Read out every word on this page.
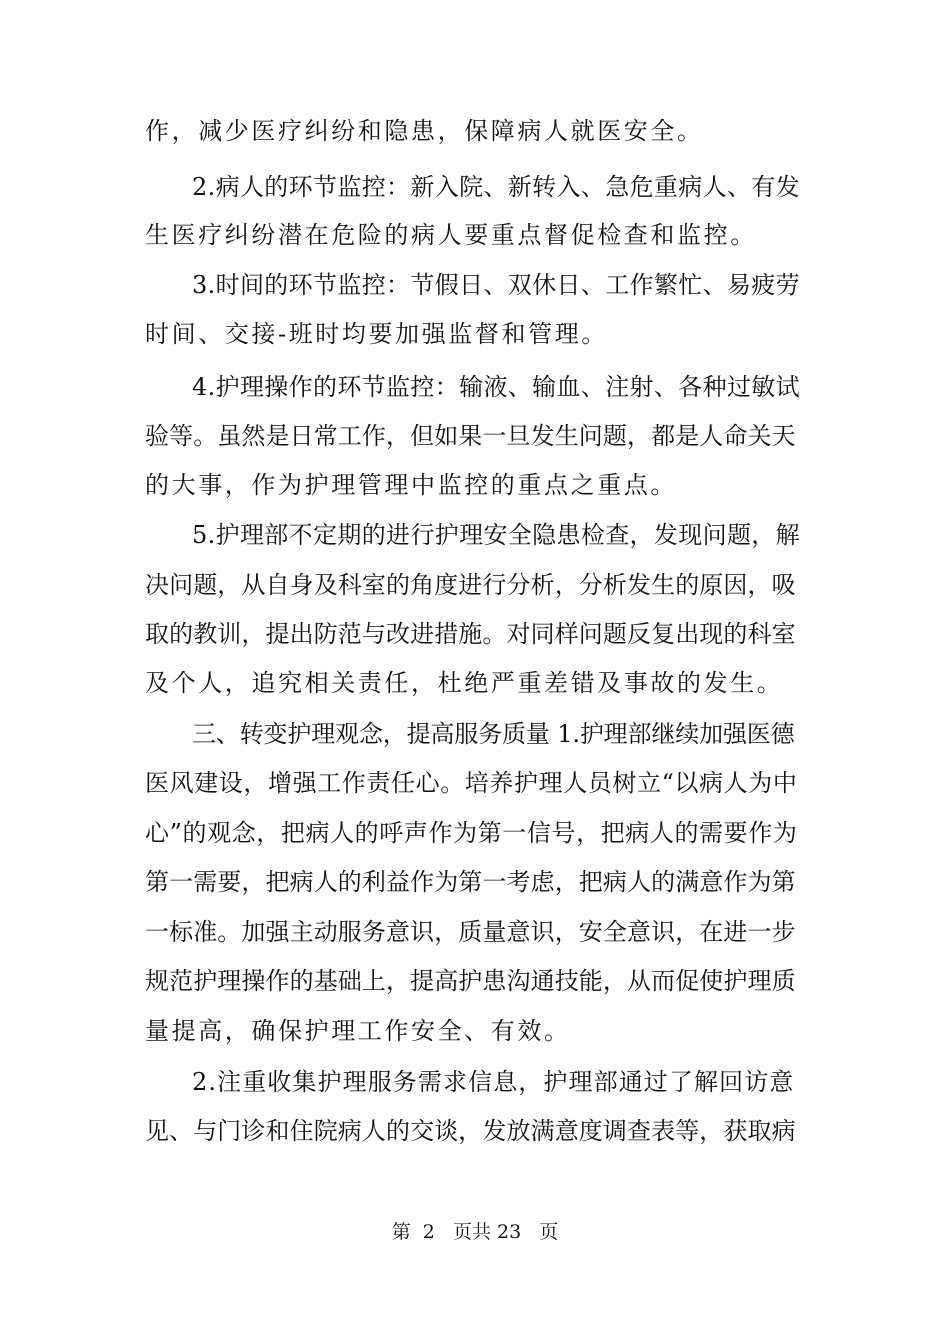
作，减少医疗纠纷和隐患，保障病人就医安全。
2.病人的环节监控：新入院、新转入、急危重病人、有发
生医疗纠纷潜在危险的病人要重点督促检查和监控。
3.时间的环节监控：节假日、双休日、工作繁忙、易疲劳
时间、交接-班时均要加强监督和管理。
4.护理操作的环节监控：输液、输血、注射、各种过敏试
验等。虽然是日常工作，但如果一旦发生问题，都是人命关天
的大事，作为护理管理中监控的重点之重点。
5.护理部不定期的进行护理安全隐患检查，发现问题，解
决问题，从自身及科室的角度进行分析，分析发生的原因，吸
取的教训，提出防范与改进措施。对同样问题反复出现的科室
及个人，追究相关责任，杜绝严重差错及事故的发生。
三、转变护理观念，提高服务质量 1.护理部继续加强医德
医风建设，增强工作责任心。培养护理人员树立“以病人为中
心”的观念，把病人的呼声作为第一信号，把病人的需要作为
第一需要，把病人的利益作为第一考虑，把病人的满意作为第
一标准。加强主动服务意识，质量意识，安全意识，在进一步
规范护理操作的基础上，提高护患沟通技能，从而促使护理质
量提高，确保护理工作安全、有效。
2.注重收集护理服务需求信息，护理部通过了解回访意
见、与门诊和住院病人的交谈，发放满意度调查表等，获取病
第  2   页共 23   页
